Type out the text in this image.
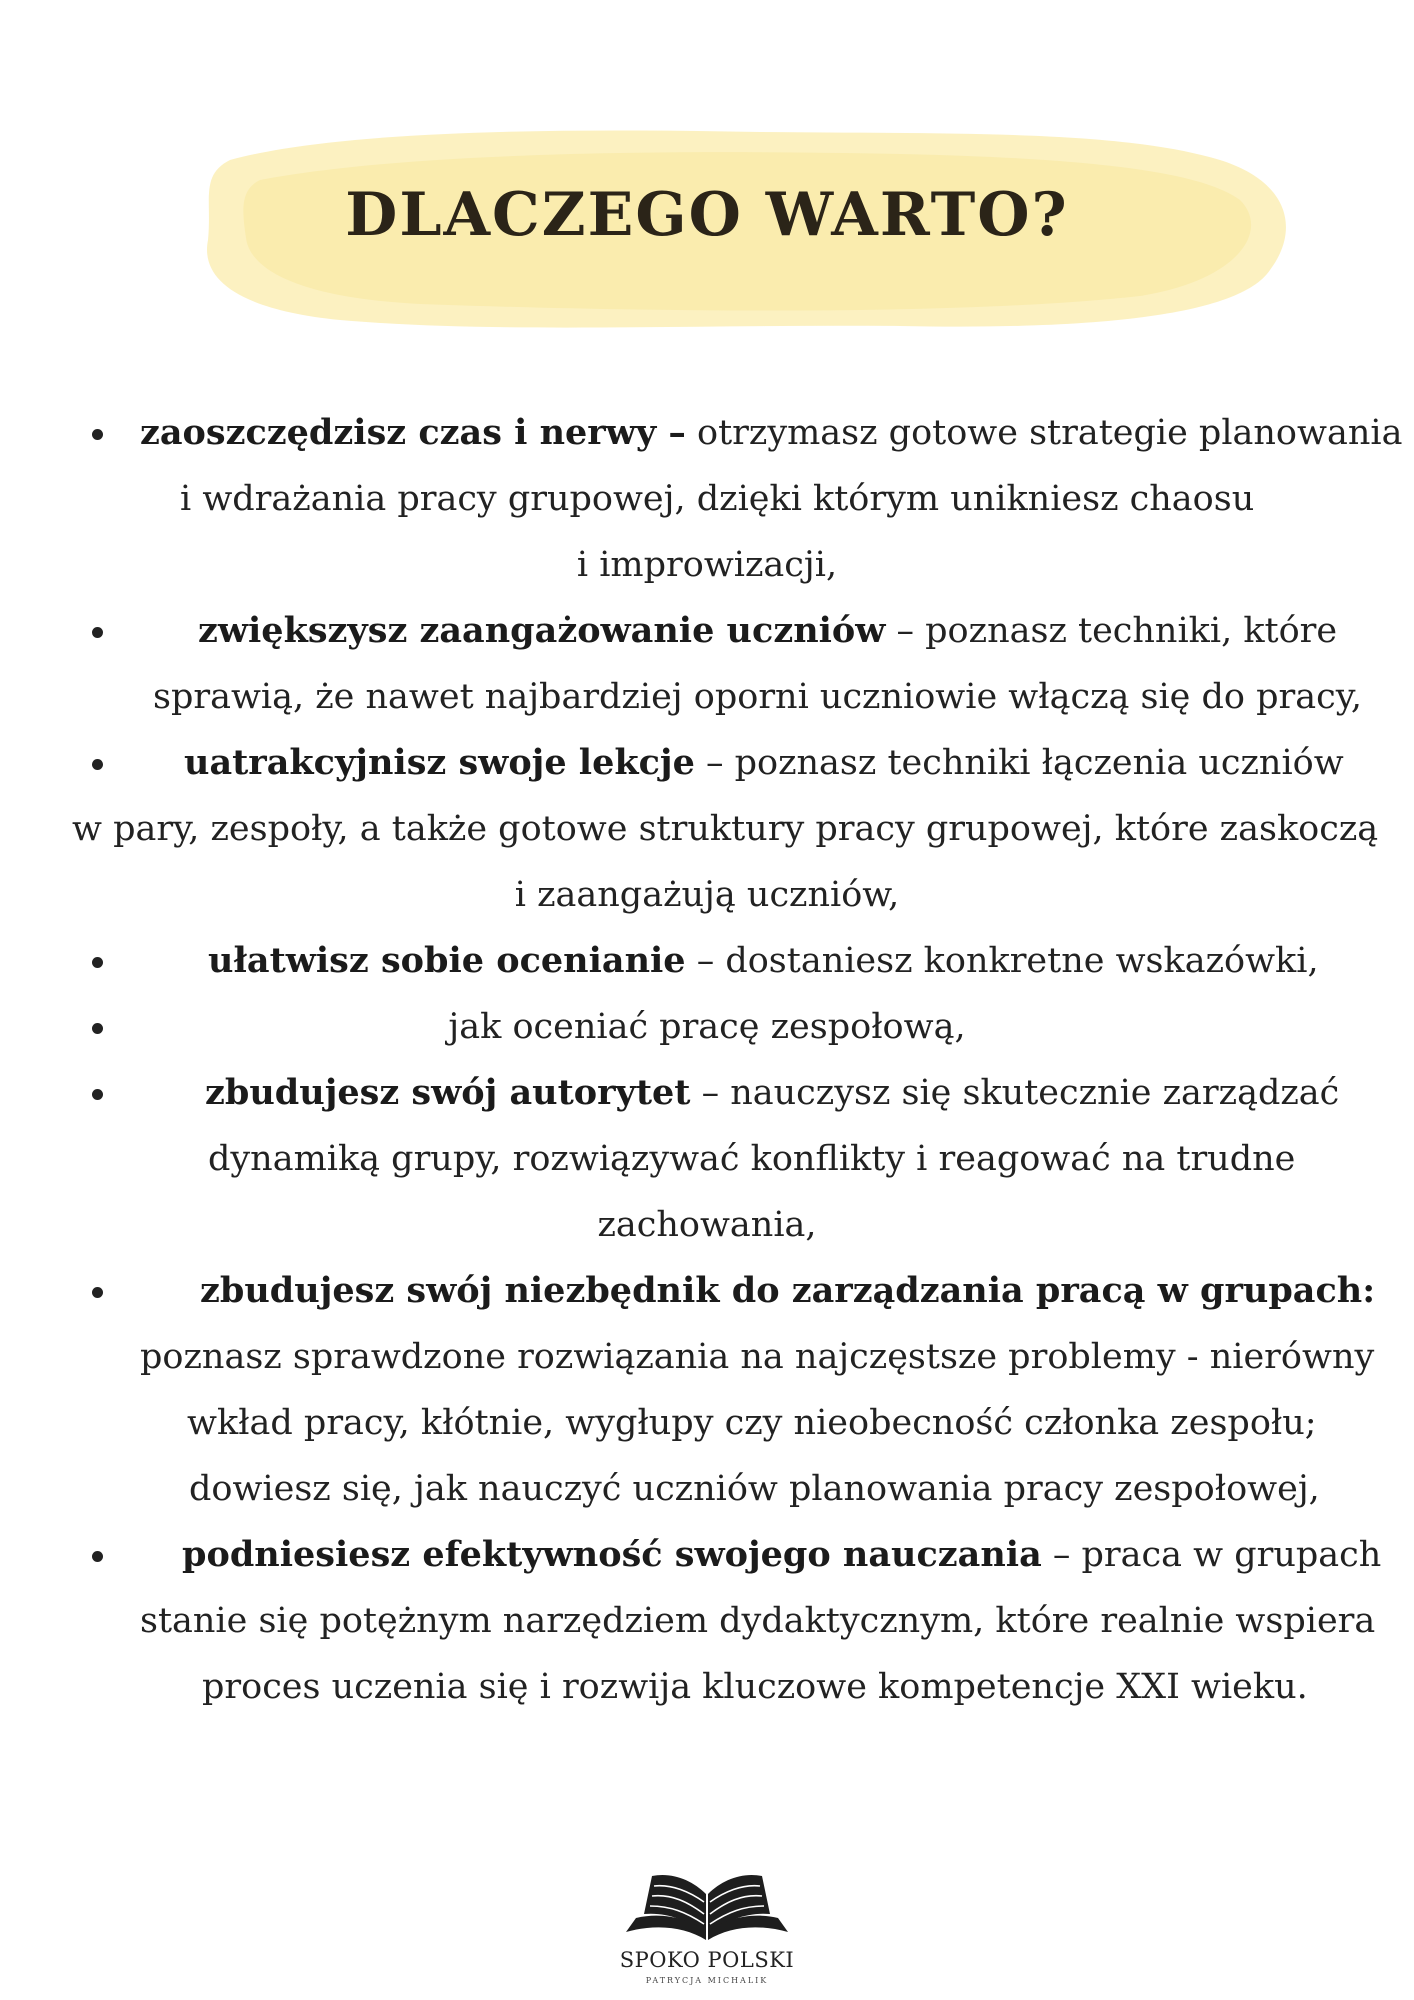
DLACZEGO WARTO?
zaoszczędzisz czas i nerwy – otrzymasz gotowe strategie planowania
i wdrażania pracy grupowej, dzięki którym unikniesz chaosu
i improwizacji,
zwiększysz zaangażowanie uczniów – poznasz techniki, które
sprawią, że nawet najbardziej oporni uczniowie włączą się do pracy,
uatrakcyjnisz swoje lekcje – poznasz techniki łączenia uczniów
w pary, zespoły, a także gotowe struktury pracy grupowej, które zaskoczą
i zaangażują uczniów,
ułatwisz sobie ocenianie – dostaniesz konkretne wskazówki,
jak oceniać pracę zespołową,
zbudujesz swój autorytet – nauczysz się skutecznie zarządzać
dynamiką grupy, rozwiązywać konflikty i reagować na trudne
zachowania,
zbudujesz swój niezbędnik do zarządzania pracą w grupach:
poznasz sprawdzone rozwiązania na najczęstsze problemy - nierówny
wkład pracy, kłótnie, wygłupy czy nieobecność członka zespołu;
dowiesz się, jak nauczyć uczniów planowania pracy zespołowej,
podniesiesz efektywność swojego nauczania – praca w grupach
stanie się potężnym narzędziem dydaktycznym, które realnie wspiera
proces uczenia się i rozwija kluczowe kompetencje XXI wieku.
SPOKO POLSKI
PATRYCJA MICHALIK
